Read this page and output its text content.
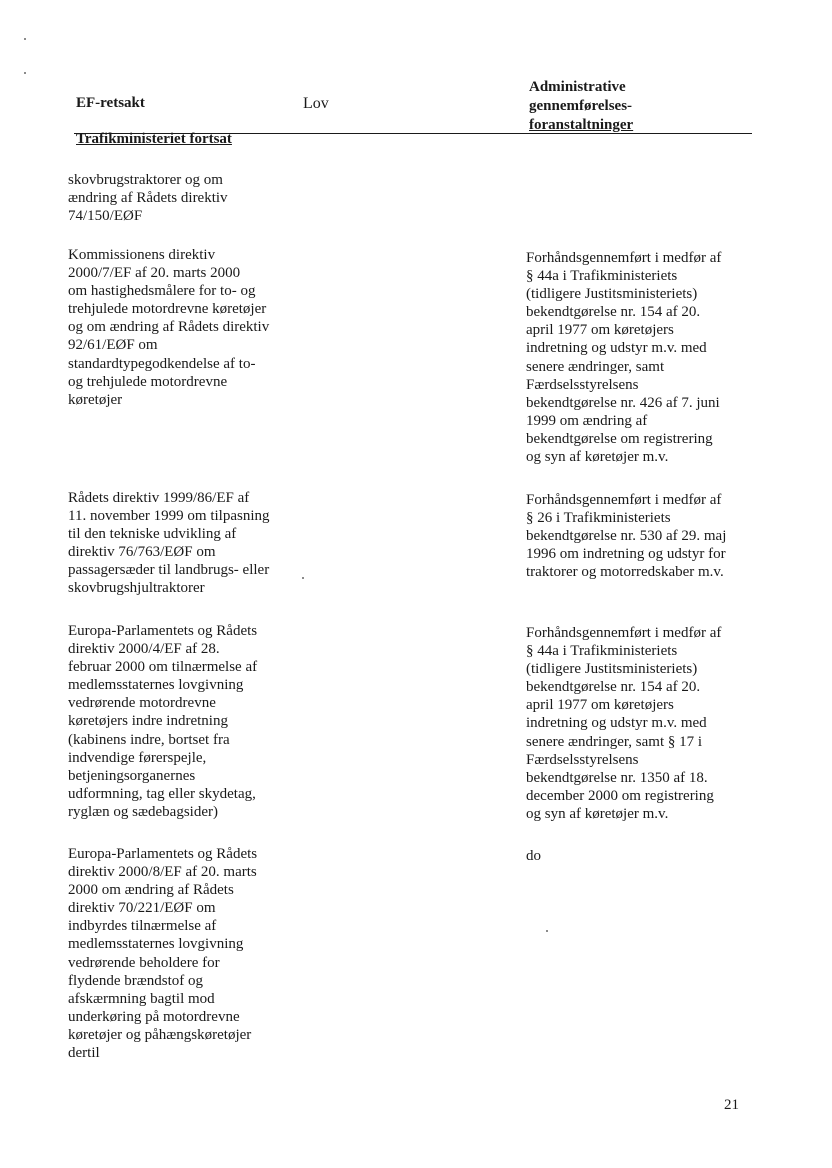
EF-retsakt	Lov
Administrative
gennemførelses-
foranstaltninger
Trafikministeriet fortsat
skovbrugstraktorer og om
ændring af Rådets direktiv
74/150/EØF
Kommissionens direktiv
2000/7/EF af 20. marts 2000
om hastighedsmålere for to- og
trehjulede motordrevne køretøjer
og om ændring af Rådets direktiv
92/61/EØF om
standardtypegodkendelse af to-
og trehjulede motordrevne
køretøjer
Forhåndsgennemført i medfør af
§ 44a i Trafikministeriets
(tidligere Justitsministeriets)
bekendtgørelse nr. 154 af 20.
april 1977 om køretøjers
indretning og udstyr m.v. med
senere ændringer, samt
Færdselsstyrelsens
bekendtgørelse nr. 426 af 7. juni
1999 om ændring af
bekendtgørelse om registrering
og syn af køretøjer m.v.
Rådets direktiv 1999/86/EF af
11. november 1999 om tilpasning
til den tekniske udvikling af
direktiv 76/763/EØF om
passagersæder til landbrugs- eller
skovbrugshjultraktorer
Forhåndsgennemført i medfør af
§ 26 i Trafikministeriets
bekendtgørelse nr. 530 af 29. maj
1996 om indretning og udstyr for
traktorer og motorredskaber m.v.
Europa-Parlamentets og Rådets
direktiv 2000/4/EF af 28.
februar 2000 om tilnærmelse af
medlemsstaternes lovgivning
vedrørende motordrevne
køretøjers indre indretning
(kabinens indre, bortset fra
indvendige førerspejle,
betjeningsorganernes
udformning, tag eller skydetag,
ryglæn og sædebagsider)
Forhåndsgennemført i medfør af
§ 44a i Trafikministeriets
(tidligere Justitsministeriets)
bekendtgørelse nr. 154 af 20.
april 1977 om køretøjers
indretning og udstyr m.v. med
senere ændringer, samt § 17 i
Færdselsstyrelsens
bekendtgørelse nr. 1350 af 18.
december 2000 om registrering
og syn af køretøjer m.v.
Europa-Parlamentets og Rådets
direktiv 2000/8/EF af 20. marts
2000 om ændring af Rådets
direktiv 70/221/EØF om
indbyrdes tilnærmelse af
medlemsstaternes lovgivning
vedrørende beholdere for
flydende brændstof og
afskærmning bagtil mod
underkøring på motordrevne
køretøjer og påhængskøretøjer
dertil
do
21
